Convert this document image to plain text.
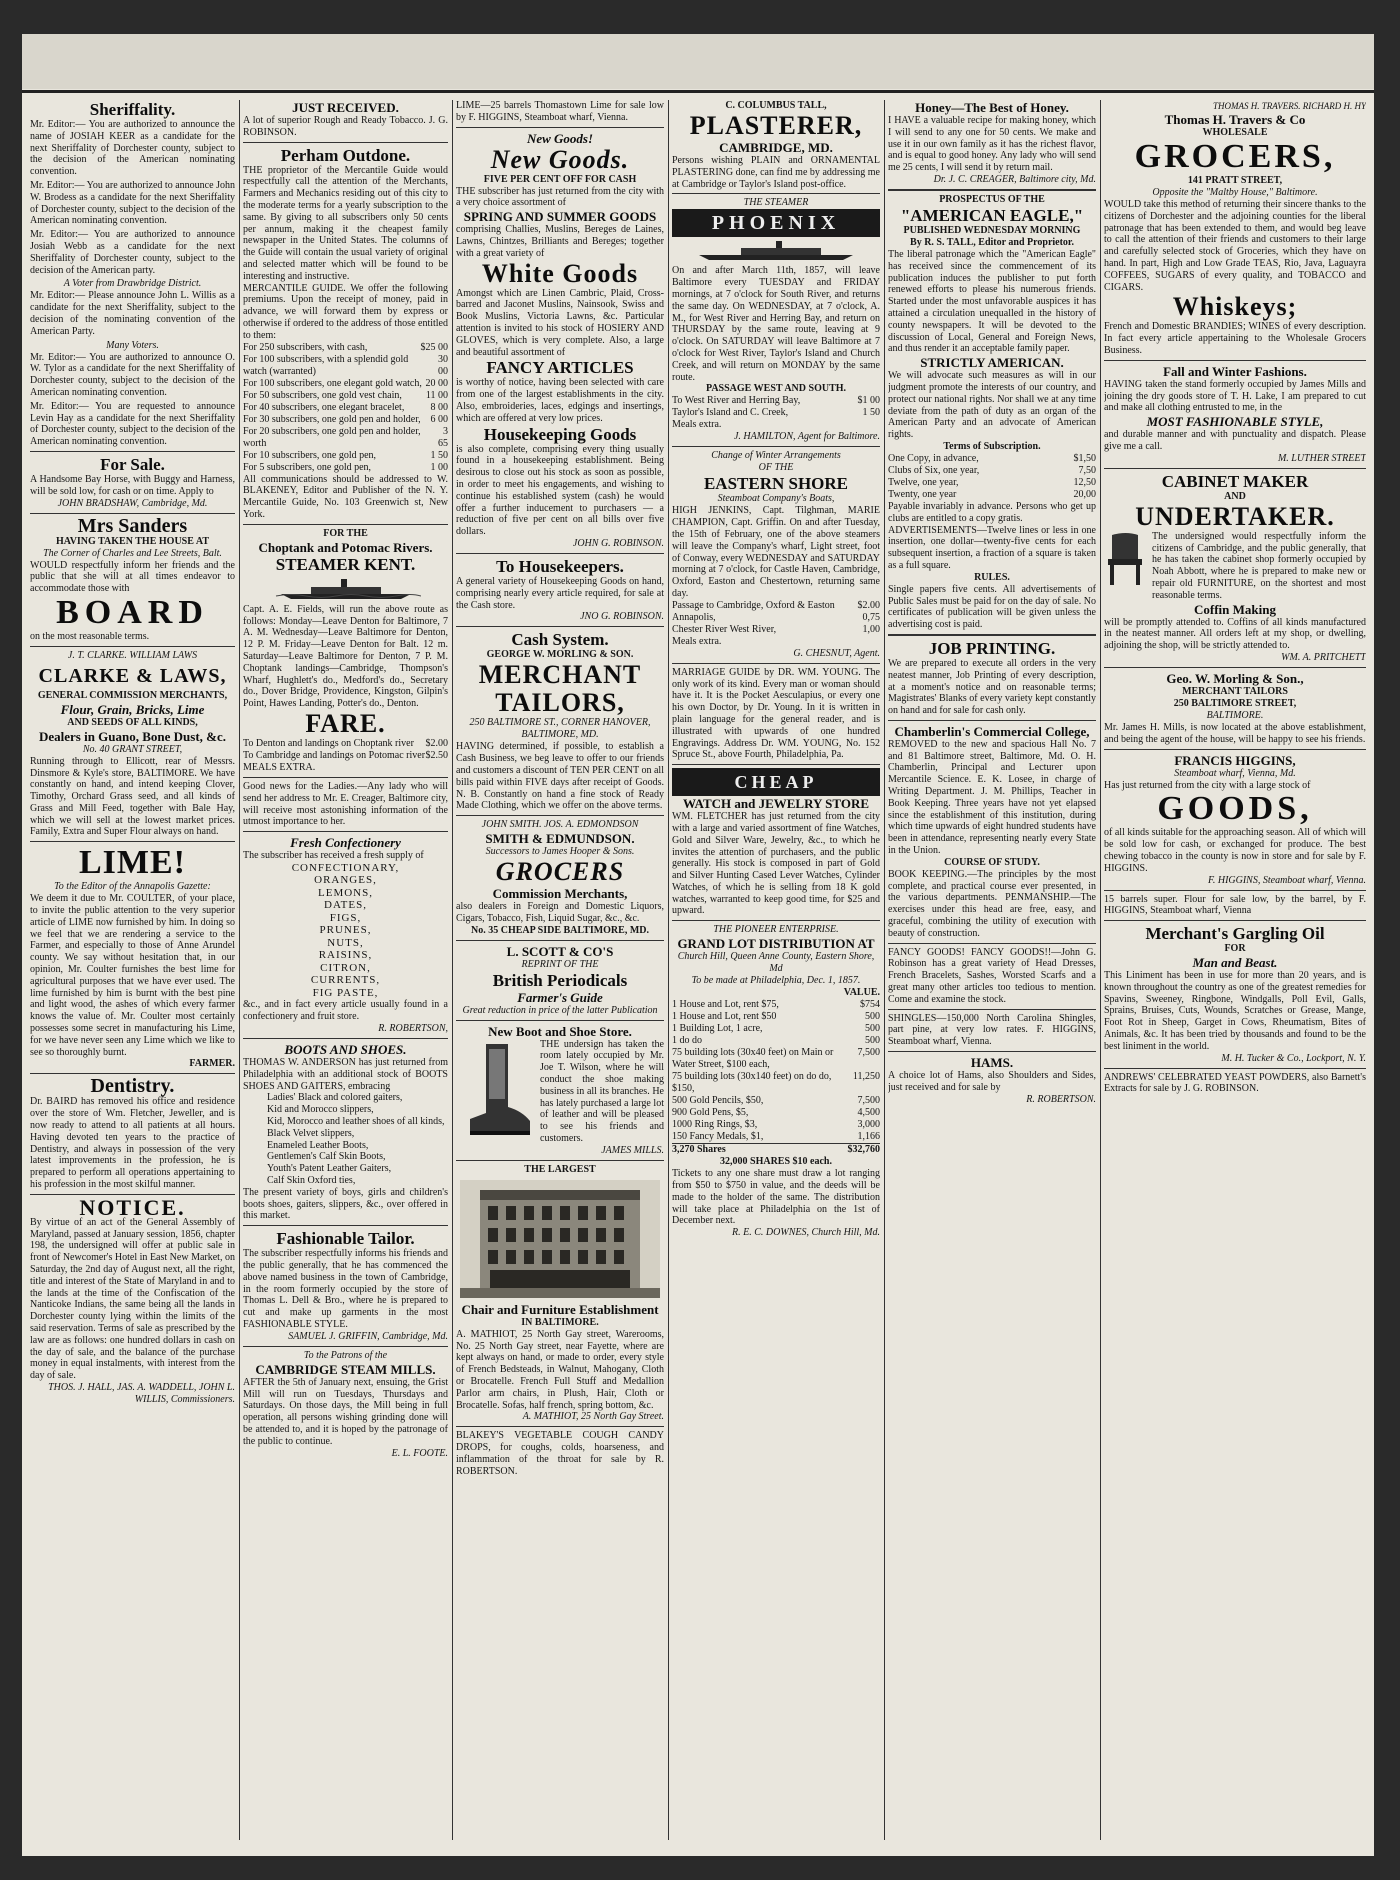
Sheriffality.
Mr. Editor:— You are authorized to announce the name of JOSIAH KEER as a candidate for the next Sheriffality of Dorchester county, subject to the decision of the American nominating convention.
Mr. Editor:— You are authorized to announce John W. Brodess as a candidate for the next Sheriffality of Dorchester county, subject to the decision of the American nominating convention.
Mr. Editor:— You are authorized to announce Josiah Webb as a candidate for the next Sheriffality of Dorchester county, subject to the decision of the American party.
A Voter from Drawbridge District.
Mr. Editor:— Please announce John L. Willis as a candidate for the next Sheriffality, subject to the decision of the nominating convention of the American Party.
Many Voters.
Mr. Editor:— You are authorized to announce O. W. Tylor as a candidate for the next Sheriffality of Dorchester county, subject to the decision of the American nominating convention.
Mr. Editor:— You are requested to announce Levin Hay as a candidate for the next Sheriffality of Dorchester county, subject to the decision of the American nominating convention.
For Sale.
A Handsome Bay Horse, with Buggy and Harness, will be sold low, for cash or on time. Apply to
JOHN BRADSHAW, Cambridge, Md.
Mrs Sanders
HAVING TAKEN THE HOUSE AT
The Corner of Charles and Lee Streets, Balt.
WOULD respectfully inform her friends and the public that she will at all times endeavor to accommodate those with
BOARD
on the most reasonable terms.
J. T. CLARKE. WILLIAM LAWS
CLARKE & LAWS,
GENERAL COMMISSION MERCHANTS,
Flour, Grain, Bricks, Lime
AND SEEDS OF ALL KINDS,
Dealers in Guano, Bone Dust, &c.
No. 40 GRANT STREET,
Running through to Ellicott, rear of Messrs. Dinsmore & Kyle's store, BALTIMORE. We have constantly on hand, and intend keeping Clover, Timothy, Orchard Grass seed, and all kinds of Grass and Mill Feed, together with Bale Hay, which we will sell at the lowest market prices. Family, Extra and Super Flour always on hand.
LIME!
To the Editor of the Annapolis Gazette:
We deem it due to Mr. COULTER, of your place, to invite the public attention to the very superior article of LIME now furnished by him. In doing so we feel that we are rendering a service to the Farmer, and especially to those of Anne Arundel county. We say without hesitation that, in our opinion, Mr. Coulter furnishes the best lime for agricultural purposes that we have ever used. The lime furnished by him is burnt with the best pine and light wood, the ashes of which every farmer knows the value of. Mr. Coulter most certainly possesses some secret in manufacturing his Lime, for we have never seen any Lime which we like to see so thoroughly burnt.
FARMER.
Dentistry.
Dr. BAIRD has removed his office and residence over the store of Wm. Fletcher, Jeweller, and is now ready to attend to all patients at all hours. Having devoted ten years to the practice of Dentistry, and always in possession of the very latest improvements in the profession, he is prepared to perform all operations appertaining to his profession in the most skilful manner.
NOTICE.
By virtue of an act of the General Assembly of Maryland, passed at January session, 1856, chapter 198, the undersigned will offer at public sale in front of Newcomer's Hotel in East New Market, on Saturday, the 2nd day of August next, all the right, title and interest of the State of Maryland in and to the lands at the time of the Confiscation of the Nanticoke Indians, the same being all the lands in Dorchester county lying within the limits of the said reservation. Terms of sale as prescribed by the law are as follows: one hundred dollars in cash on the day of sale, and the balance of the purchase money in equal instalments, with interest from the day of sale.
THOS. J. HALL, JAS. A. WADDELL, JOHN L. WILLIS, Commissioners.
JUST RECEIVED.
A lot of superior Rough and Ready Tobacco. J. G. ROBINSON.
Perham Outdone.
THE proprietor of the Mercantile Guide would respectfully call the attention of the Merchants, Farmers and Mechanics residing out of this city to the moderate terms for a yearly subscription to the same. By giving to all subscribers only 50 cents per annum, making it the cheapest family newspaper in the United States. The columns of the Guide will contain the usual variety of original and selected matter which will be found to be interesting and instructive.
MERCANTILE GUIDE. We offer the following premiums. Upon the receipt of money, paid in advance, we will forward them by express or otherwise if ordered to the address of those entitled to them:
For 250 subscribers, with cash,	$25 00
For 100 subscribers, with a splendid gold watch (warranted)
30 00
For 100 subscribers, one elegant gold watch, 20 00
For 50 subscribers, one gold vest chain, 11 00
For 40 subscribers, one elegant bracelet,	8 00
For 30 subscribers, one gold pen and holder, 6 00
For 20 subscribers, one gold pen and holder, worth
3 65
For 10 subscribers, one gold pen,	1 50
For 5 subscribers, one gold pen,	1 00
All communications should be addressed to W. BLAKENEY, Editor and Publisher of the N. Y. Mercantile Guide, No. 103 Greenwich st, New York.
FOR THE
Choptank and Potomac Rivers.
STEAMER KENT.
Capt. A. E. Fields, will run the above route as follows: Monday—Leave Denton for Baltimore, 7 A. M. Wednesday—Leave Baltimore for Denton, 12 P. M. Friday—Leave Denton for Balt. 12 m. Saturday—Leave Baltimore for Denton, 7 P. M. Choptank landings—Cambridge, Thompson's Wharf, Hughlett's do., Medford's do., Secretary do., Dover Bridge, Providence, Kingston, Gilpin's Point, Hawes Landing, Potter's do., Denton.
FARE.
To Denton and landings on Choptank river $2.00
To Cambridge and landings on Potomac river $2.50
MEALS EXTRA.
Good news for the Ladies.—Any lady who will send her address to Mr. E. Creager, Baltimore city, will receive most astonishing information of the utmost importance to her.
Fresh Confectionery
The subscriber has received a fresh supply of
CONFECTIONARY,
ORANGES,
LEMONS,
DATES,
FIGS,
PRUNES,
NUTS,
RAISINS,
CITRON,
CURRENTS,
FIG PASTE,
&c., and in fact every article usually found in a confectionery and fruit store.
R. ROBERTSON,
BOOTS AND SHOES.
THOMAS W. ANDERSON has just returned from Philadelphia with an additional stock of BOOTS SHOES AND GAITERS, embracing
Ladies' Black and colored gaiters,
Kid and Morocco slippers,
Kid, Morocco and leather shoes of all kinds,
Black Velvet slippers,
Enameled Leather Boots,
Gentlemen's Calf Skin Boots,
Youth's Patent Leather Gaiters,
Calf Skin Oxford ties,
The present variety of boys, girls and children's boots shoes, gaiters, slippers, &c., over offered in this market.
Fashionable Tailor.
The subscriber respectfully informs his friends and the public generally, that he has commenced the above named business in the town of Cambridge, in the room formerly occupied by the store of Thomas L. Dell & Bro., where he is prepared to cut and make up garments in the most FASHIONABLE STYLE.
SAMUEL J. GRIFFIN, Cambridge, Md.
To the Patrons of the
CAMBRIDGE STEAM MILLS.
AFTER the 5th of January next, ensuing, the Grist Mill will run on Tuesdays, Thursdays and Saturdays. On those days, the Mill being in full operation, all persons wishing grinding done will be attended to, and it is hoped by the patronage of the public to continue.
E. L. FOOTE.
LIME—25 barrels Thomastown Lime for sale low by F. HIGGINS, Steamboat wharf, Vienna.
New Goods!
New Goods.
FIVE PER CENT OFF FOR CASH
THE subscriber has just returned from the city with a very choice assortment of
SPRING AND SUMMER GOODS
comprising Challies, Muslins, Bereges de Laines, Lawns, Chintzes, Brilliants and Bereges; together with a great variety of
White Goods
Amongst which are Linen Cambric, Plaid, Cross-barred and Jaconet Muslins, Nainsook, Swiss and Book Muslins, Victoria Lawns, &c. Particular attention is invited to his stock of HOSIERY AND GLOVES, which is very complete. Also, a large and beautiful assortment of
FANCY ARTICLES
is worthy of notice, having been selected with care from one of the largest establishments in the city. Also, embroideries, laces, edgings and insertings, which are offered at very low prices.
Housekeeping Goods
is also complete, comprising every thing usually found in a housekeeping establishment. Being desirous to close out his stock as soon as possible, in order to meet his engagements, and wishing to continue his established system (cash) he would offer a further inducement to purchasers — a reduction of five per cent on all bills over five dollars.
JOHN G. ROBINSON.
To Housekeepers.
A general variety of Housekeeping Goods on hand, comprising nearly every article required, for sale at the Cash store.
JNO G. ROBINSON.
Cash System.
GEORGE W. MORLING & SON.
MERCHANT
TAILORS,
250 BALTIMORE ST., CORNER HANOVER, BALTIMORE, MD.
HAVING determined, if possible, to establish a Cash Business, we beg leave to offer to our friends and customers a discount of TEN PER CENT on all bills paid within FIVE days after receipt of Goods. N. B. Constantly on hand a fine stock of Ready Made Clothing, which we offer on the above terms.
JOHN SMITH. JOS. A. EDMONDSON
SMITH & EDMUNDSON.
Successors to James Hooper & Sons.
GROCERS
Commission Merchants,
also dealers in Foreign and Domestic Liquors, Cigars, Tobacco, Fish, Liquid Sugar, &c., &c.
No. 35 CHEAP SIDE BALTIMORE, MD.
L. SCOTT & CO'S
REPRINT OF THE
British Periodicals
Farmer's Guide
Great reduction in price of the latter Publication
New Boot and Shoe Store.
THE undersign has taken the room lately occupied by Mr. Joe T. Wilson, where he will conduct the shoe making business in all its branches. He has lately purchased a large lot of leather and will be pleased to see his friends and customers.
JAMES MILLS.
THE LARGEST
Chair and Furniture Establishment
IN BALTIMORE.
A. MATHIOT, 25 North Gay street, Warerooms, No. 25 North Gay street, near Fayette, where are kept always on hand, or made to order, every style of French Bedsteads, in Walnut, Mahogany, Cloth or Brocatelle. French Full Stuff and Medallion Parlor arm chairs, in Plush, Hair, Cloth or Brocatelle. Sofas, half french, spring bottom, &c.
A. MATHIOT, 25 North Gay Street.
BLAKEY'S VEGETABLE COUGH CANDY DROPS, for coughs, colds, hoarseness, and inflammation of the throat for sale by R. ROBERTSON.
C. COLUMBUS TALL,
PLASTERER,
CAMBRIDGE, MD.
Persons wishing PLAIN and ORNAMENTAL PLASTERING done, can find me by addressing me at Cambridge or Taylor's Island post-office.
THE STEAMER
PHOENIX
On and after March 11th, 1857, will leave Baltimore every TUESDAY and FRIDAY mornings, at 7 o'clock for South River, and returns the same day. On WEDNESDAY, at 7 o'clock, A. M., for West River and Herring Bay, and return on THURSDAY by the same route, leaving at 9 o'clock. On SATURDAY will leave Baltimore at 7 o'clock for West River, Taylor's Island and Church Creek, and will return on MONDAY by the same route.
PASSAGE WEST AND SOUTH.
To West River and Herring Bay,	$1 00
Taylor's Island and C. Creek,	1 50
Meals extra.
J. HAMILTON, Agent for Baltimore.
Change of Winter Arrangements
OF THE
EASTERN SHORE
Steamboat Company's Boats,
HIGH JENKINS, Capt. Tilghman, MARIE CHAMPION, Capt. Griffin. On and after Tuesday, the 15th of February, one of the above steamers will leave the Company's wharf, Light street, foot of Conway, every WEDNESDAY and SATURDAY morning at 7 o'clock, for Castle Haven, Cambridge, Oxford, Easton and Chestertown, returning same day.
Passage to Cambridge, Oxford & Easton $2.00
Annapolis,	0,75
Chester River West River,	1,00
Meals extra.
G. CHESNUT, Agent.
MARRIAGE GUIDE by DR. WM. YOUNG. The only work of its kind. Every man or woman should have it. It is the Pocket Aesculapius, or every one his own Doctor, by Dr. Young. In it is written in plain language for the general reader, and is illustrated with upwards of one hundred Engravings. Address Dr. WM. YOUNG, No. 152 Spruce St., above Fourth, Philadelphia, Pa.
CHEAP
WATCH and JEWELRY STORE
WM. FLETCHER has just returned from the city with a large and varied assortment of fine Watches, Gold and Silver Ware, Jewelry, &c., to which he invites the attention of purchasers, and the public generally. His stock is composed in part of Gold and Silver Hunting Cased Lever Watches, Cylinder Watches, of which he is selling from 18 K gold watches, warranted to keep good time, for $25 and upward.
THE PIONEER ENTERPRISE.
GRAND LOT DISTRIBUTION AT
Church Hill, Queen Anne County, Eastern Shore, Md
To be made at Philadelphia, Dec. 1, 1857.
VALUE.
1 House and Lot, rent $75,	$754
1 House and Lot, rent $50	500
1 Building Lot, 1 acre,	500
1 do do	500
75 building lots (30x40 feet) on Main or Water Street, $100 each,
7,500
75 building lots (30x140 feet) on do do, $150,
11,250
500 Gold Pencils, $50,	7,500
900 Gold Pens, $5,	4,500
1000 Ring Rings, $3,	3,000
150 Fancy Medals, $1,	1,166
3,270 Shares	$32,760
32,000 SHARES $10 each.
Tickets to any one share must draw a lot ranging from $50 to $750 in value, and the deeds will be made to the holder of the same. The distribution will take place at Philadelphia on the 1st of December next.
R. E. C. DOWNES, Church Hill, Md.
Honey—The Best of Honey.
I HAVE a valuable recipe for making honey, which I will send to any one for 50 cents. We make and use it in our own family as it has the richest flavor, and is equal to good honey. Any lady who will send me 25 cents, I will send it by return mail.
Dr. J. C. CREAGER, Baltimore city, Md.
PROSPECTUS OF THE
"AMERICAN EAGLE,"
PUBLISHED WEDNESDAY MORNING
By R. S. TALL, Editor and Proprietor.
The liberal patronage which the "American Eagle" has received since the commencement of its publication induces the publisher to put forth renewed efforts to please his numerous friends. Started under the most unfavorable auspices it has attained a circulation unequalled in the history of county newspapers. It will be devoted to the discussion of Local, General and Foreign News, and thus render it an acceptable family paper.
STRICTLY AMERICAN.
We will advocate such measures as will in our judgment promote the interests of our country, and protect our national rights. Nor shall we at any time deviate from the path of duty as an organ of the American Party and an advocate of American rights.
Terms of Subscription.
One Copy, in advance,	$1,50
Clubs of Six, one year,	7,50
Twelve, one year,	12,50
Twenty, one year	20,00
Payable invariably in advance. Persons who get up clubs are entitled to a copy gratis.
ADVERTISEMENTS—Twelve lines or less in one insertion, one dollar—twenty-five cents for each subsequent insertion, a fraction of a square is taken as a full square.
RULES.
Single papers five cents. All advertisements of Public Sales must be paid for on the day of sale. No certificates of publication will be given unless the advertising cost is paid.
JOB PRINTING.
We are prepared to execute all orders in the very neatest manner, Job Printing of every description, at a moment's notice and on reasonable terms; Magistrates' Blanks of every variety kept constantly on hand and for sale for cash only.
Chamberlin's Commercial College,
REMOVED to the new and spacious Hall No. 7 and 81 Baltimore street, Baltimore, Md. O. H. Chamberlin, Principal and Lecturer upon Mercantile Science. E. K. Losee, in charge of Writing Department. J. M. Phillips, Teacher in Book Keeping. Three years have not yet elapsed since the establishment of this institution, during which time upwards of eight hundred students have been in attendance, representing nearly every State in the Union.
COURSE OF STUDY.
BOOK KEEPING.—The principles by the most complete, and practical course ever presented, in the various departments. PENMANSHIP.—The exercises under this head are free, easy, and graceful, combining the utility of execution with beauty of construction.
FANCY GOODS! FANCY GOODS!!—John G. Robinson has a great variety of Head Dresses, French Bracelets, Sashes, Worsted Scarfs and a great many other articles too tedious to mention. Come and examine the stock.
SHINGLES—150,000 North Carolina Shingles, part pine, at very low rates. F. HIGGINS, Steamboat wharf, Vienna.
HAMS.
A choice lot of Hams, also Shoulders and Sides, just received and for sale by
R. ROBERTSON.
THOMAS H. TRAVERS. RICHARD H. HY
Thomas H. Travers & Co
WHOLESALE
GROCERS,
141 PRATT STREET,
Opposite the "Maltby House," Baltimore.
WOULD take this method of returning their sincere thanks to the citizens of Dorchester and the adjoining counties for the liberal patronage that has been extended to them, and would beg leave to call the attention of their friends and customers to their large and carefully selected stock of Groceries, which they have on hand. In part, High and Low Grade TEAS, Rio, Java, Laguayra COFFEES, SUGARS of every quality, and TOBACCO and CIGARS.
Whiskeys;
French and Domestic BRANDIES; WINES of every description. In fact every article appertaining to the Wholesale Grocers Business.
Fall and Winter Fashions.
HAVING taken the stand formerly occupied by James Mills and joining the dry goods store of T. H. Lake, I am prepared to cut and make all clothing entrusted to me, in the
MOST FASHIONABLE STYLE,
and durable manner and with punctuality and dispatch. Please give me a call.
M. LUTHER STREET
CABINET MAKER
AND
UNDERTAKER.
The undersigned would respectfully inform the citizens of Cambridge, and the public generally, that he has taken the cabinet shop formerly occupied by Noah Abbott, where he is prepared to make new or repair old FURNITURE, on the shortest and most reasonable terms.
Coffin Making
will be promptly attended to. Coffins of all kinds manufactured in the neatest manner. All orders left at my shop, or dwelling, adjoining the shop, will be strictly attended to.
WM. A. PRITCHETT
Geo. W. Morling & Son.,
MERCHANT TAILORS
250 BALTIMORE STREET,
BALTIMORE.
Mr. James H. Mills, is now located at the above establishment, and being the agent of the house, will be happy to see his friends.
FRANCIS HIGGINS,
Steamboat wharf, Vienna, Md.
Has just returned from the city with a large stock of
GOODS,
of all kinds suitable for the approaching season. All of which will be sold low for cash, or exchanged for produce. The best chewing tobacco in the county is now in store and for sale by F. HIGGINS.
F. HIGGINS, Steamboat wharf, Vienna.
15 barrels super. Flour for sale low, by the barrel, by F. HIGGINS, Steamboat wharf, Vienna
Merchant's Gargling Oil
FOR
Man and Beast.
This Liniment has been in use for more than 20 years, and is known throughout the country as one of the greatest remedies for Spavins, Sweeney, Ringbone, Windgalls, Poll Evil, Galls, Sprains, Bruises, Cuts, Wounds, Scratches or Grease, Mange, Foot Rot in Sheep, Garget in Cows, Rheumatism, Bites of Animals, &c. It has been tried by thousands and found to be the best liniment in the world.
M. H. Tucker & Co., Lockport, N. Y.
ANDREWS' CELEBRATED YEAST POWDERS, also Barnett's Extracts for sale by J. G. ROBINSON.
